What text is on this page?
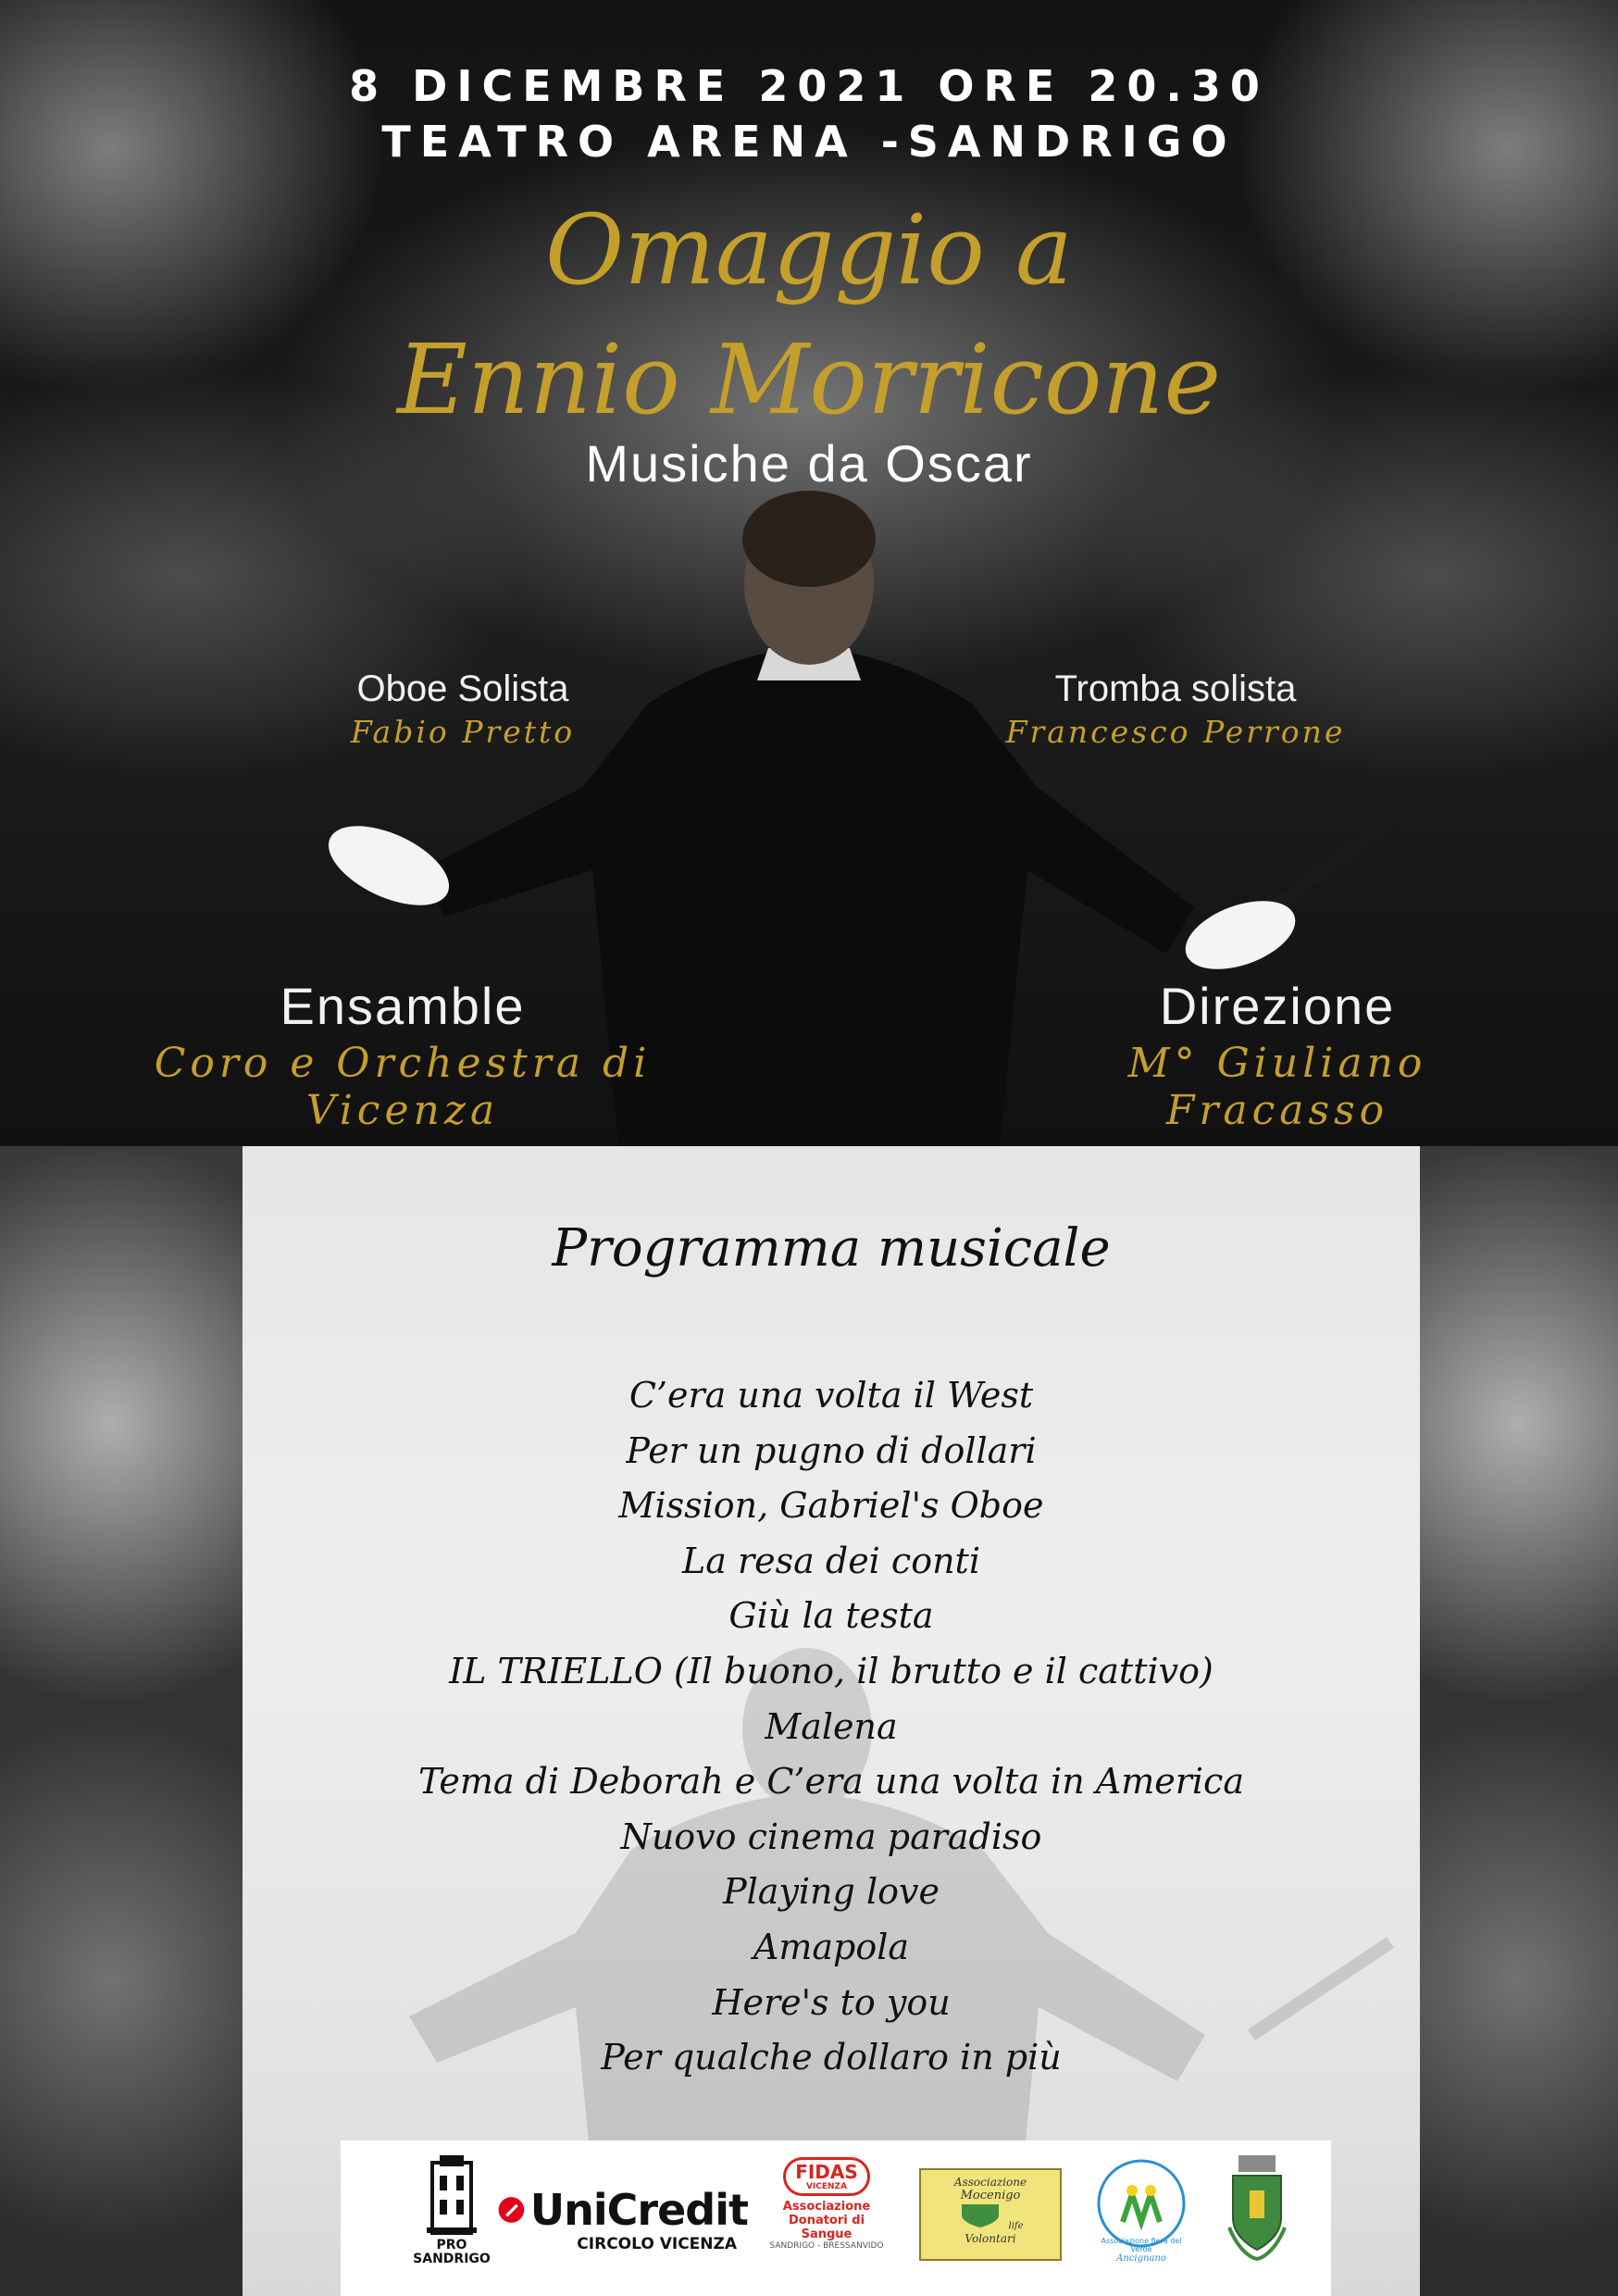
8 DICEMBRE 2021 ORE 20.30
TEATRO ARENA -SANDRIGO
Omaggio a
Ennio Morricone
Musiche da Oscar
Oboe Solista
Fabio Pretto
Tromba solista
Francesco Perrone
Ensamble
Coro e Orchestra di Vicenza
Direzione
M° Giuliano Fracasso
Programma musicale
C’era una volta il West
Per un pugno di dollari
Mission, Gabriel's Oboe
La resa dei conti
Giù la testa
IL TRIELLO (Il buono, il brutto e il cattivo)
Malena
Tema di Deborah e C’era una volta in America
Nuovo cinema paradiso
Playing love
Amapola
Here's to you
Per qualche dollaro in più
PRO
SANDRIGO
UniCredit
CIRCOLO VICENZA
FIDAS
VICENZA
Associazione
Donatori di Sangue
SANDRIGO - BRESSANVIDO
Associazione
Mocenigo
life
Volontari	Associazione fiera del Verde
Ancignano
